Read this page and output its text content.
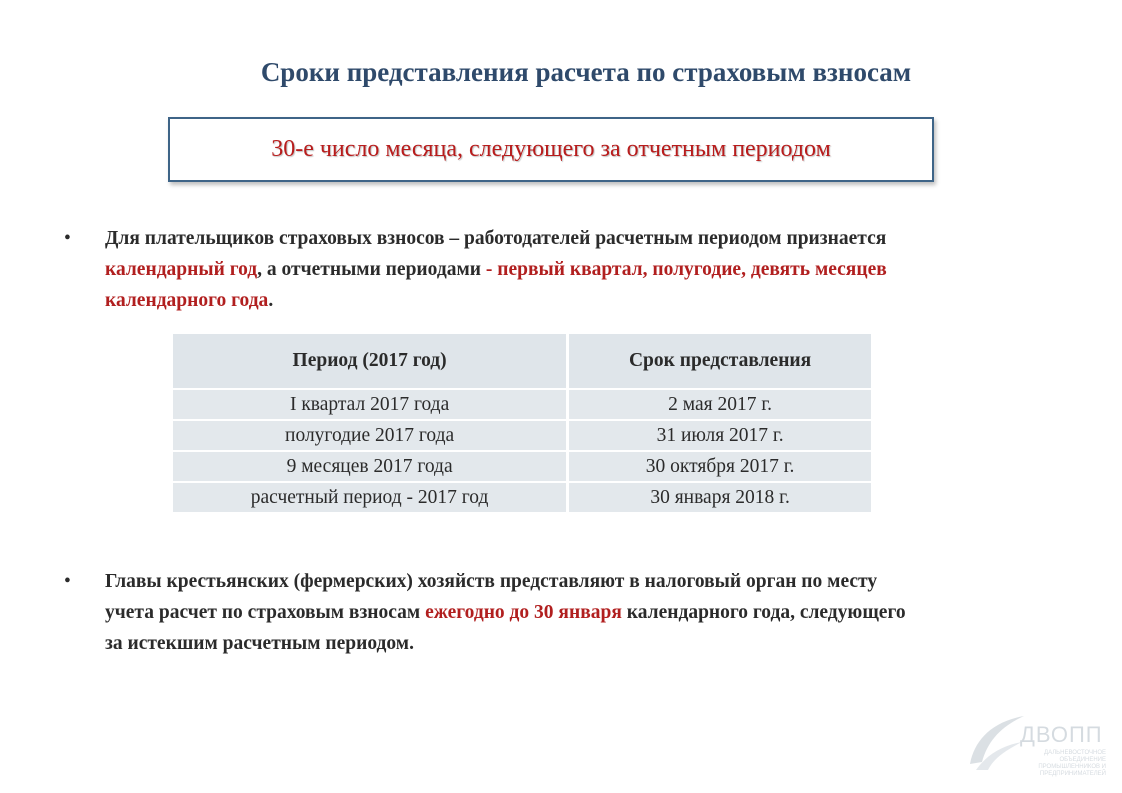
Сроки представления расчета по страховым взносам
30-е число месяца, следующего за отчетным периодом
• Для плательщиков страховых взносов – работодателей расчетным периодом признается календарный год, а отчетными периодами - первый квартал, полугодие, девять месяцев календарного года.
Период (2017 год)	Срок представления
I квартал 2017 года	2 мая 2017 г.
полугодие 2017 года	31 июля 2017 г.
9 месяцев 2017 года	30 октября 2017 г.
расчетный период - 2017 год	30 января 2018 г.
• Главы крестьянских (фермерских) хозяйств представляют в налоговый орган по месту учета расчет по страховым взносам ежегодно до 30 января календарного года, следующего за истекшим расчетным периодом.
ДВОПП
ДАЛЬНЕВОСТОЧНОЕ ОБЪЕДИНЕНИЕ ПРОМЫШЛЕННИКОВ И ПРЕДПРИНИМАТЕЛЕЙ
